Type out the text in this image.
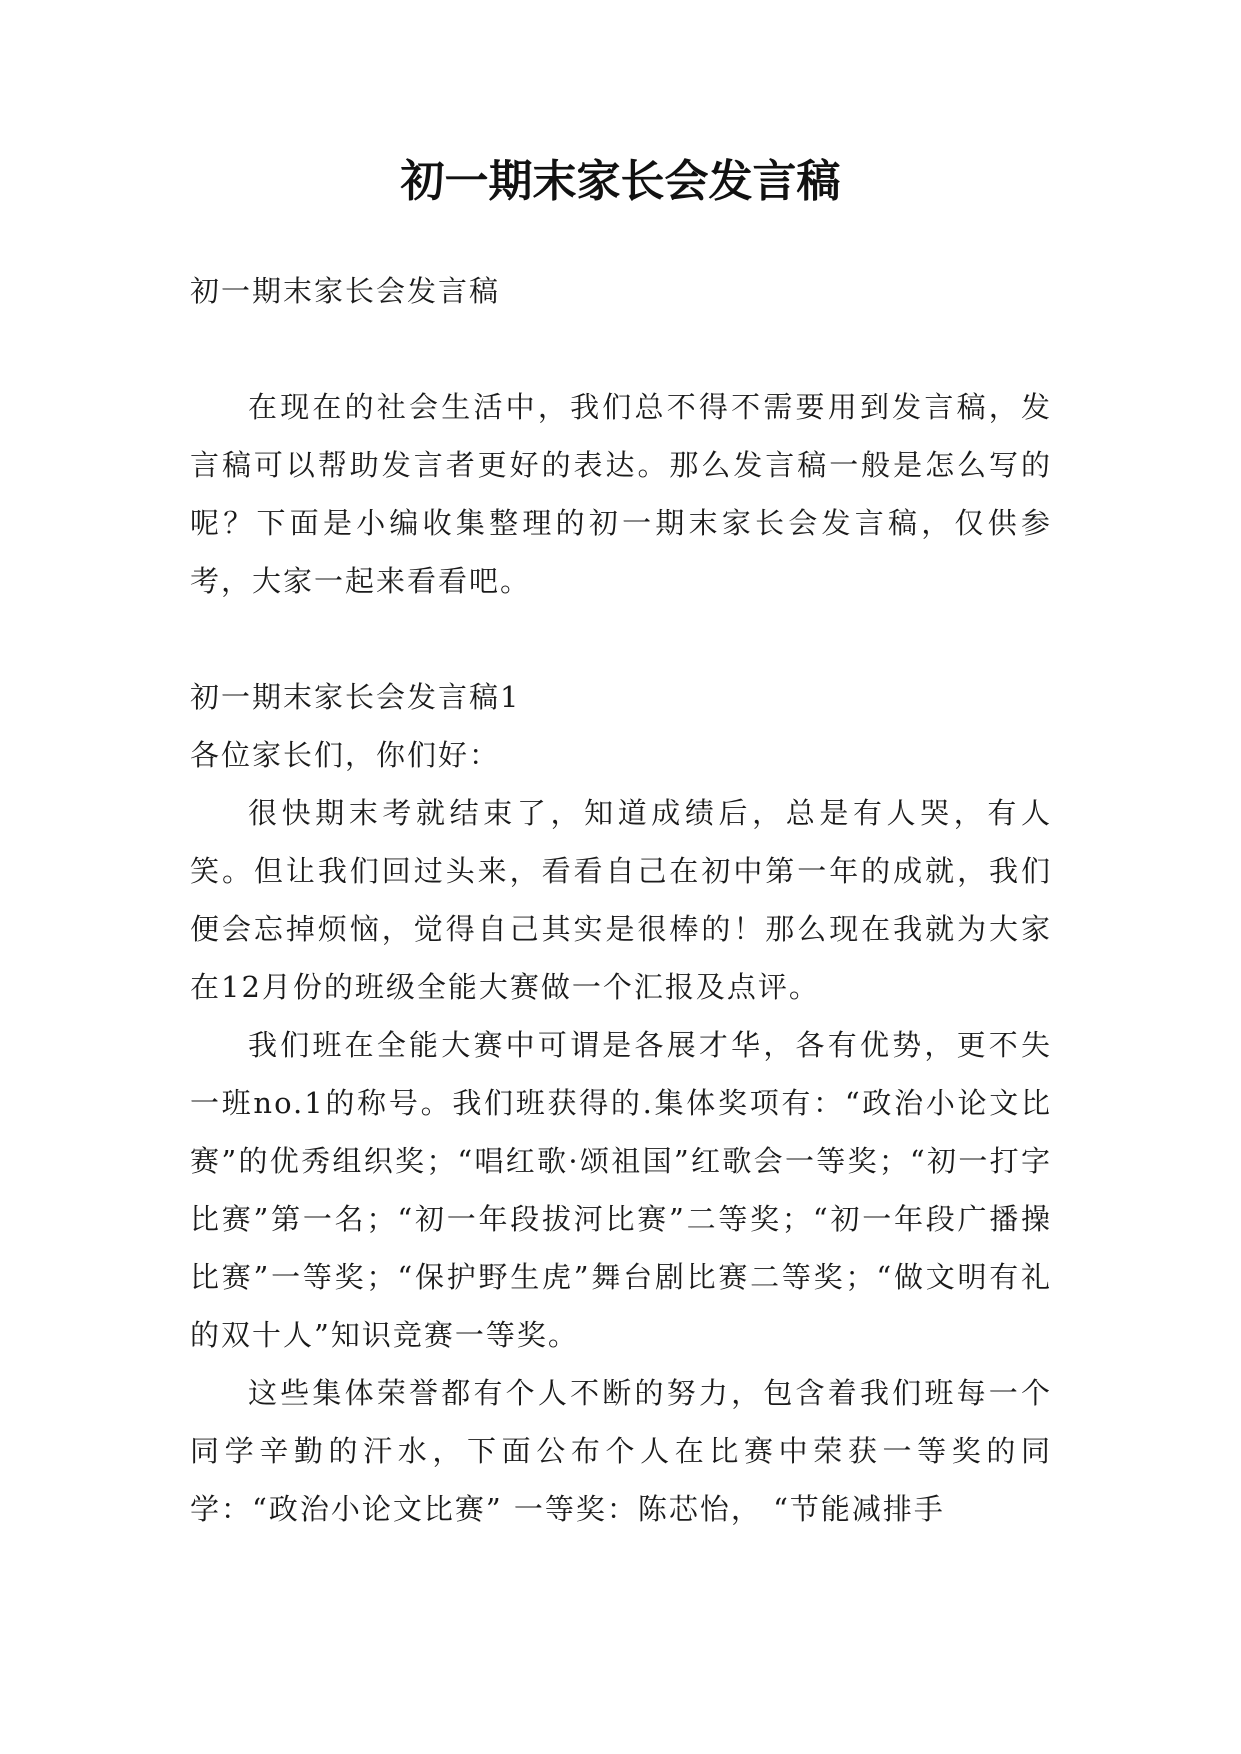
初一期末家长会发言稿

初一期末家长会发言稿

在现在的社会生活中，我们总不得不需要用到发言稿，发言稿可以帮助发言者更好的表达。那么发言稿一般是怎么写的呢？下面是小编收集整理的初一期末家长会发言稿，仅供参考，大家一起来看看吧。

初一期末家长会发言稿1

各位家长们，你们好：

很快期末考就结束了，知道成绩后，总是有人哭，有人笑。但让我们回过头来，看看自己在初中第一年的成就，我们便会忘掉烦恼，觉得自己其实是很棒的！那么现在我就为大家在12月份的班级全能大赛做一个汇报及点评。

我们班在全能大赛中可谓是各展才华，各有优势，更不失一班no.1的称号。我们班获得的.集体奖项有：“政治小论文比赛”的优秀组织奖；“唱红歌·颂祖国”红歌会一等奖；“初一打字比赛”第一名；“初一年段拔河比赛”二等奖；“初一年段广播操比赛”一等奖；“保护野生虎”舞台剧比赛二等奖；“做文明有礼的双十人”知识竞赛一等奖。

这些集体荣誉都有个人不断的努力，包含着我们班每一个同学辛勤的汗水，下面公布个人在比赛中荣获一等奖的同学：“政治小论文比赛” 一等奖：陈芯怡， “节能减排手
